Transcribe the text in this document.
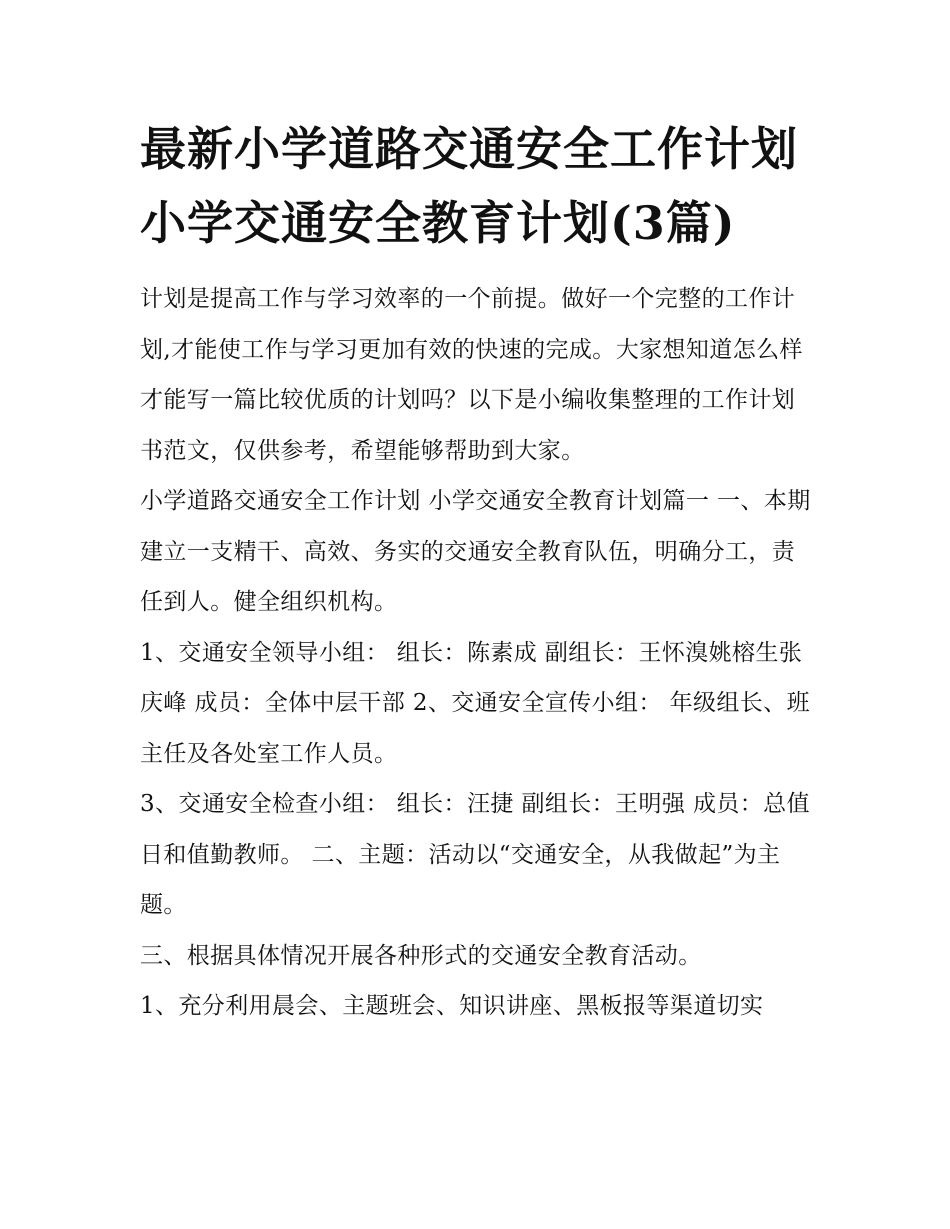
最新小学道路交通安全工作计划 小学交通安全教育计划(3篇)

计划是提高工作与学习效率的一个前提。做好一个完整的工作计划,才能使工作与学习更加有效的快速的完成。大家想知道怎么样才能写一篇比较优质的计划吗？以下是小编收集整理的工作计划书范文，仅供参考，希望能够帮助到大家。

小学道路交通安全工作计划 小学交通安全教育计划篇一 一、本期建立一支精干、高效、务实的交通安全教育队伍，明确分工，责任到人。健全组织机构。

1、交通安全领导小组： 组长：陈素成 副组长：王怀溴姚榕生张庆峰 成员：全体中层干部 2、交通安全宣传小组： 年级组长、班主任及各处室工作人员。

3、交通安全检查小组： 组长：汪捷 副组长：王明强 成员：总值日和值勤教师。 二、主题：活动以“交通安全，从我做起”为主题。

三、根据具体情况开展各种形式的交通安全教育活动。

1、充分利用晨会、主题班会、知识讲座、黑板报等渠道切实
